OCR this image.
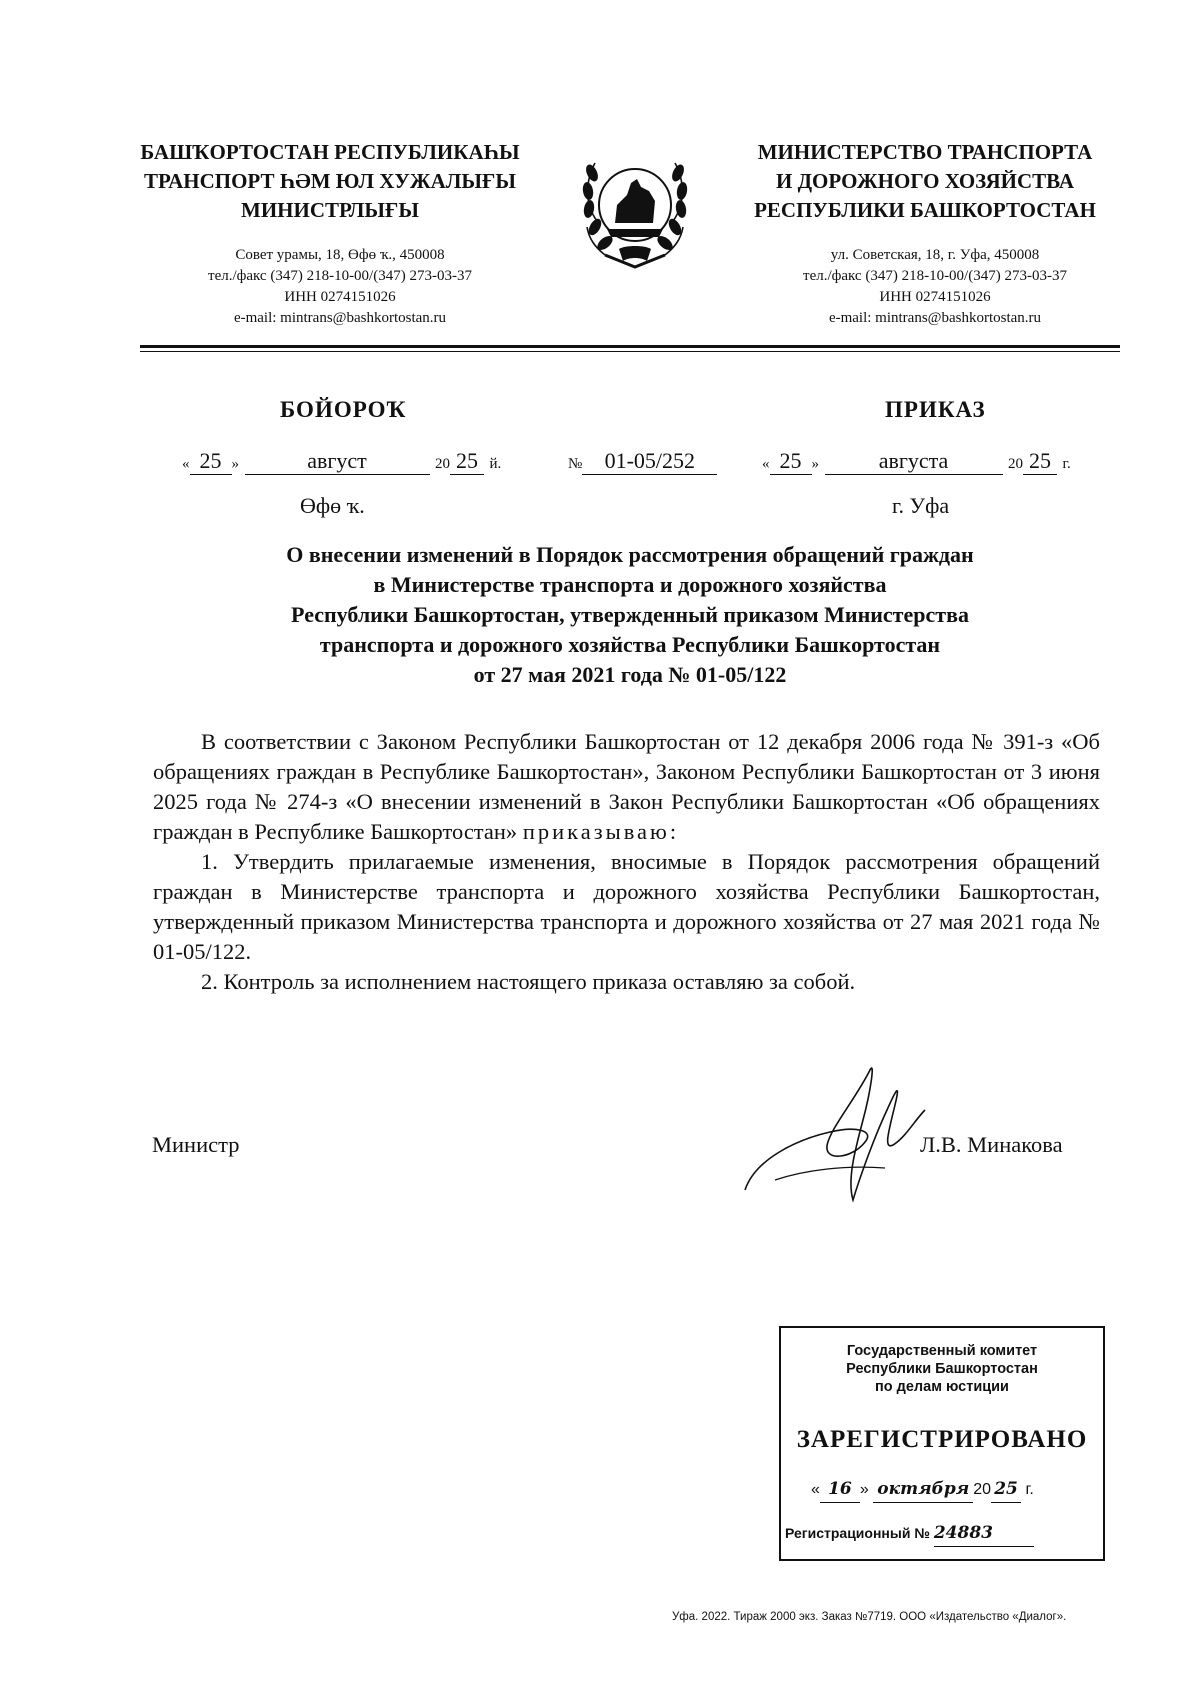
БАШҠОРТОСТАН РЕСПУБЛИКАҺЫ
ТРАНСПОРТ ҺӘМ ЮЛ ХУЖАЛЫҒЫ
МИНИСТРЛЫҒЫ
Совет урамы, 18, Өфө ҡ., 450008
тел./факс (347) 218-10-00/(347) 273-03-37
ИНН 0274151026
e-mail: mintrans@bashkortostan.ru
МИНИСТЕРСТВО ТРАНСПОРТА
И ДОРОЖНОГО ХОЗЯЙСТВА
РЕСПУБЛИКИ БАШКОРТОСТАН
ул. Советская, 18, г. Уфа, 450008
тел./факс (347) 218-10-00/(347) 273-03-37
ИНН 0274151026
e-mail: mintrans@bashkortostan.ru
БОЙОРОҠ	ПРИКАЗ
« 25 »	август	20 25 й.	№ 01-05/252	« 25 »	августа	20 25 г.
Өфө ҡ.	г. Уфа
О внесении изменений в Порядок рассмотрения обращений граждан
в Министерстве транспорта и дорожного хозяйства
Республики Башкортостан, утвержденный приказом Министерства
транспорта и дорожного хозяйства Республики Башкортостан
от 27 мая 2021 года № 01-05/122

В соответствии с Законом Республики Башкортостан от 12 декабря 2006 года № 391-з «Об обращениях граждан в Республике Башкортостан», Законом Республики Башкортостан от 3 июня 2025 года № 274-з «О внесении изменений в Закон Республики Башкортостан «Об обращениях граждан в Республике Башкортостан» приказываю:

1. Утвердить прилагаемые изменения, вносимые в Порядок рассмотрения обращений граждан в Министерстве транспорта и дорожного хозяйства Республики Башкортостан, утвержденный приказом Министерства транспорта и дорожного хозяйства от 27 мая 2021 года № 01-05/122.

2. Контроль за исполнением настоящего приказа оставляю за собой.

Министр	Л.В. Минакова
Государственный комитет
Республики Башкортостан
по делам юстиции
ЗАРЕГИСТРИРОВАНО
« 16 » октября 20 25 г.
Регистрационный № 24883
Уфа. 2022. Тираж 2000 экз. Заказ №7719. ООО «Издательство «Диалог».
